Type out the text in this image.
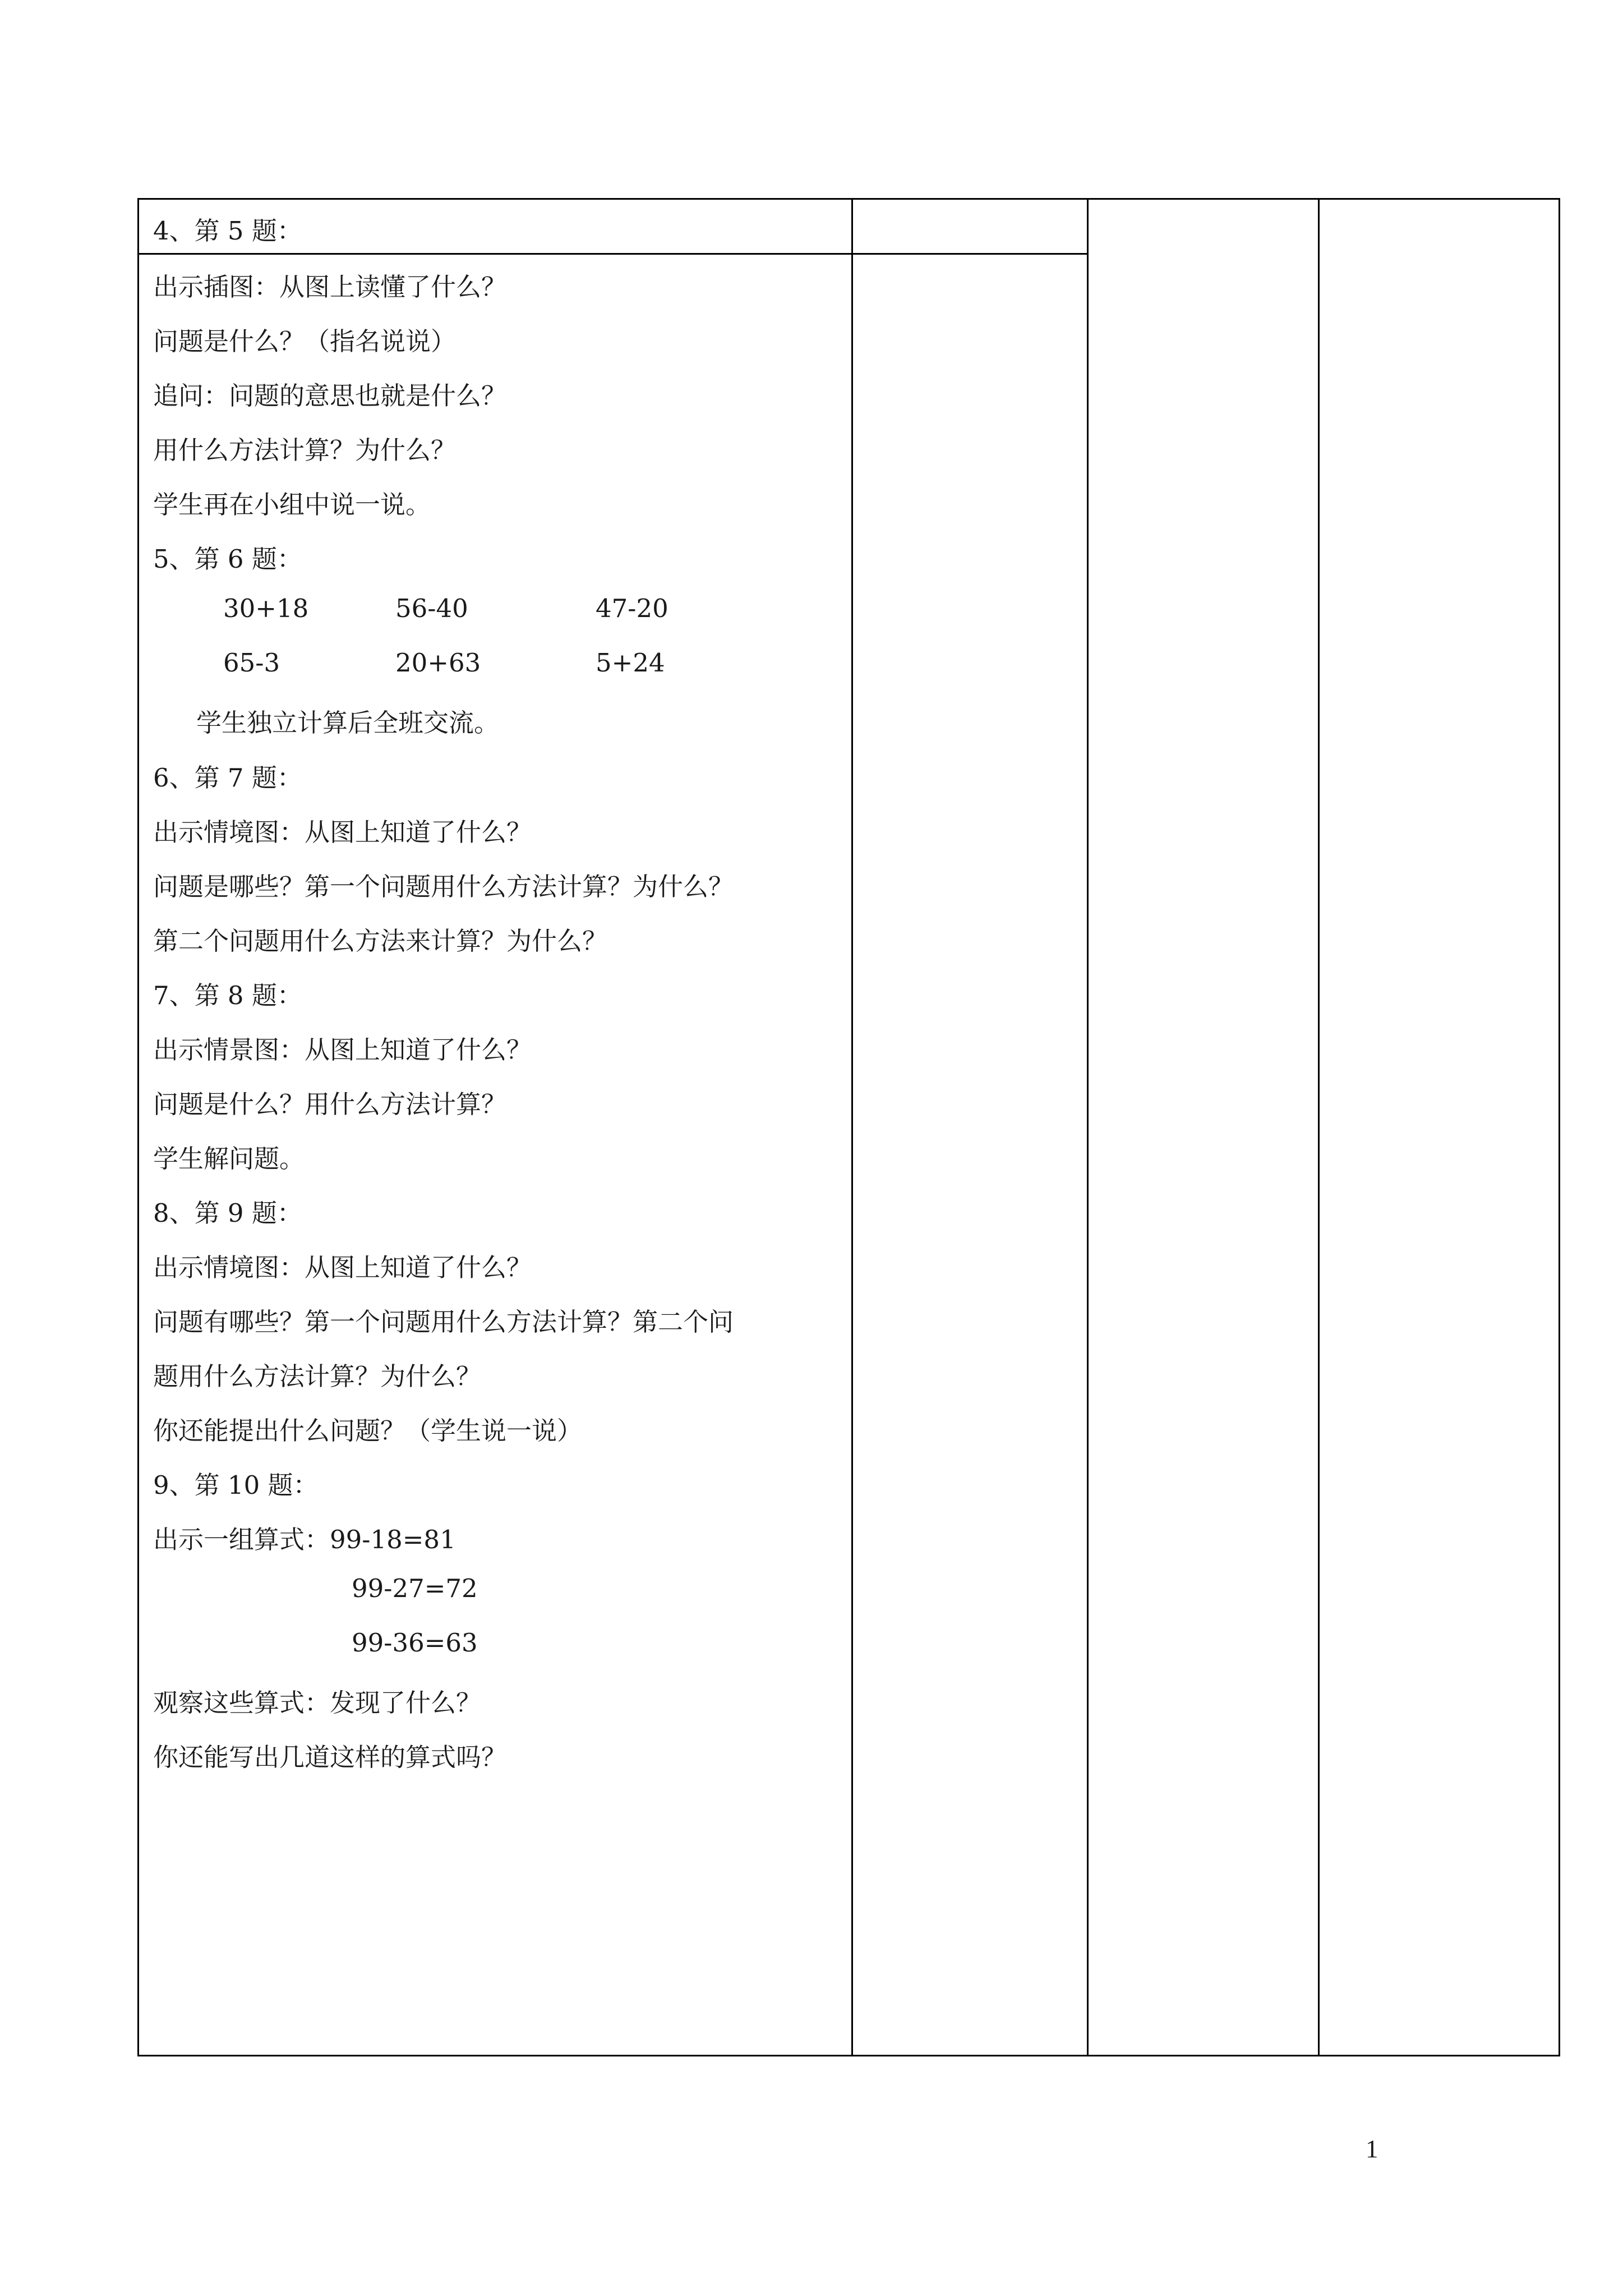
4、第 5 题：
出示插图：从图上读懂了什么？
问题是什么？（指名说说）
追问：问题的意思也就是什么？
用什么方法计算？为什么？
学生再在小组中说一说。
5、第 6 题：
30+18	56-40	47-20
65-3	20+63	5+24
学生独立计算后全班交流。
6、第 7 题：
出示情境图：从图上知道了什么？
问题是哪些？第一个问题用什么方法计算？为什么？
第二个问题用什么方法来计算？为什么？
7、第 8 题：
出示情景图：从图上知道了什么？
问题是什么？用什么方法计算？
学生解问题。
8、第 9 题：
出示情境图：从图上知道了什么？
问题有哪些？第一个问题用什么方法计算？第二个问
题用什么方法计算？为什么？
你还能提出什么问题？（学生说一说）
9、第 10 题：
出示一组算式：99-18=81
99-27=72
99-36=63
观察这些算式：发现了什么？
你还能写出几道这样的算式吗？
1
